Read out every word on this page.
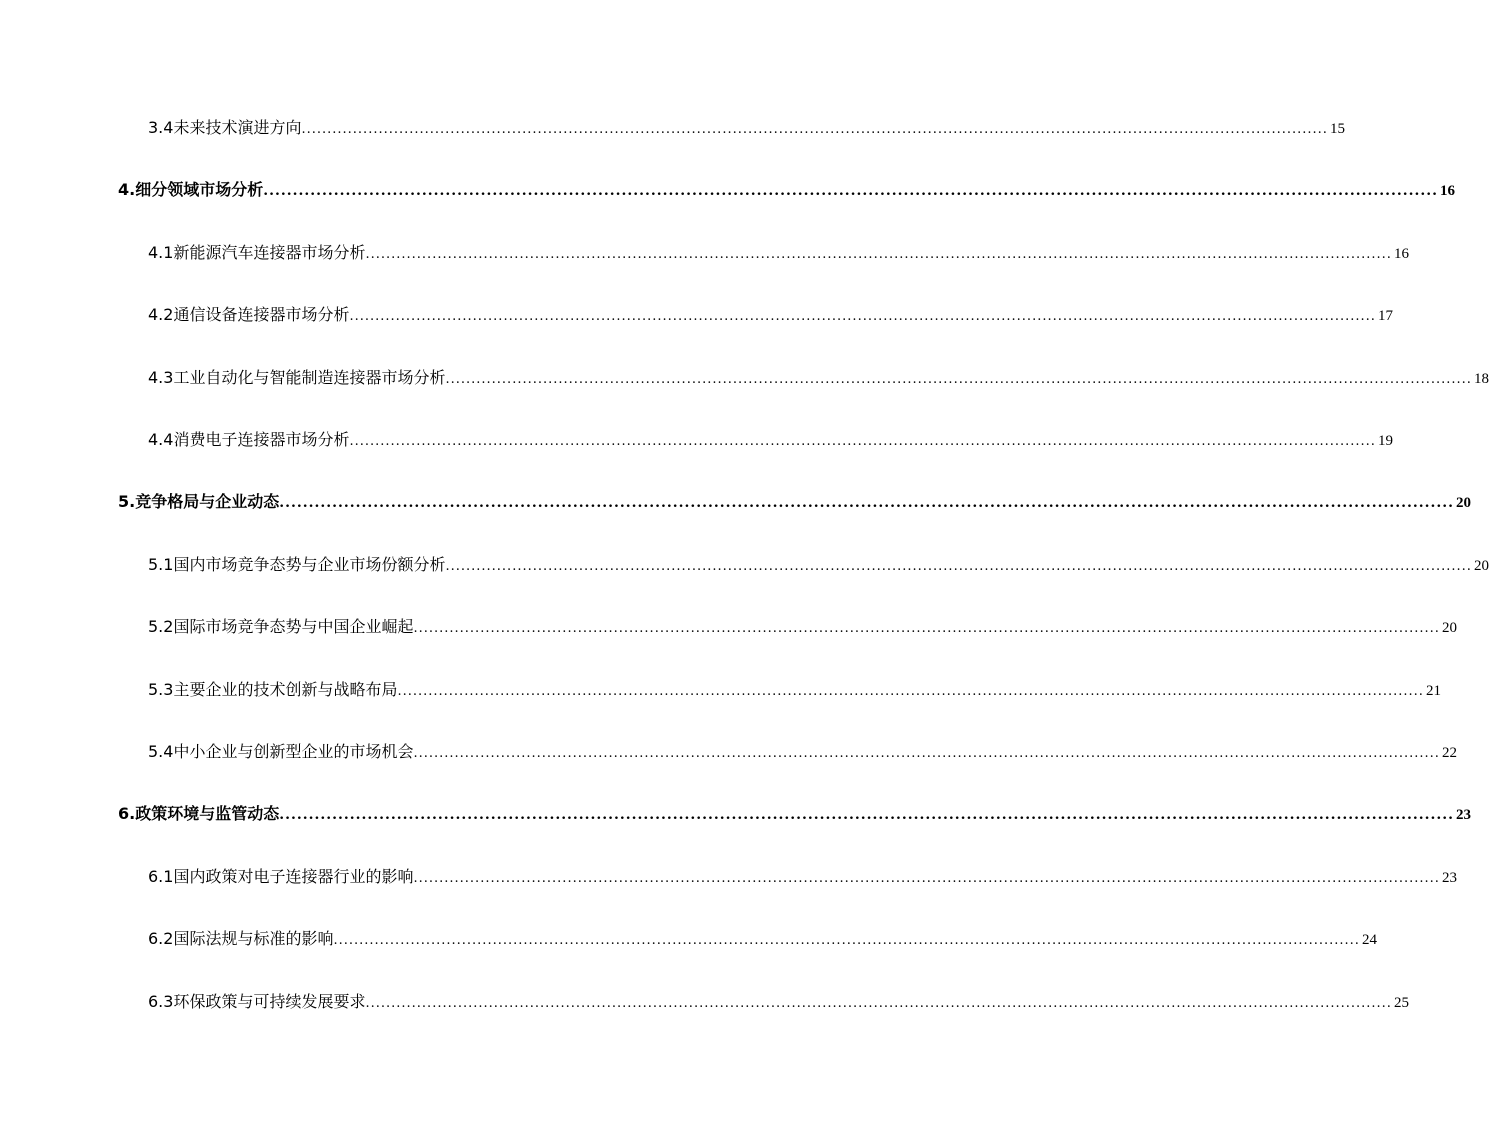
3.4 未来技术演进方向 ........................................................................................................................................................................................................ 15
4. 细分领域市场分析 ........................................................................................................................................................................................................ 16
4.1 新能源汽车连接器市场分析 ........................................................................................................................................................................................................ 16
4.2 通信设备连接器市场分析 ........................................................................................................................................................................................................ 17
4.3 工业自动化与智能制造连接器市场分析 ........................................................................................................................................................................................................ 18
4.4 消费电子连接器市场分析 ........................................................................................................................................................................................................ 19
5. 竞争格局与企业动态 ........................................................................................................................................................................................................ 20
5.1 国内市场竞争态势与企业市场份额分析 ........................................................................................................................................................................................................ 20
5.2 国际市场竞争态势与中国企业崛起 ........................................................................................................................................................................................................ 20
5.3 主要企业的技术创新与战略布局 ........................................................................................................................................................................................................ 21
5.4 中小企业与创新型企业的市场机会 ........................................................................................................................................................................................................ 22
6. 政策环境与监管动态 ........................................................................................................................................................................................................ 23
6.1 国内政策对电子连接器行业的影响 ........................................................................................................................................................................................................ 23
6.2 国际法规与标准的影响 ........................................................................................................................................................................................................ 24
6.3 环保政策与可持续发展要求 ........................................................................................................................................................................................................ 25
